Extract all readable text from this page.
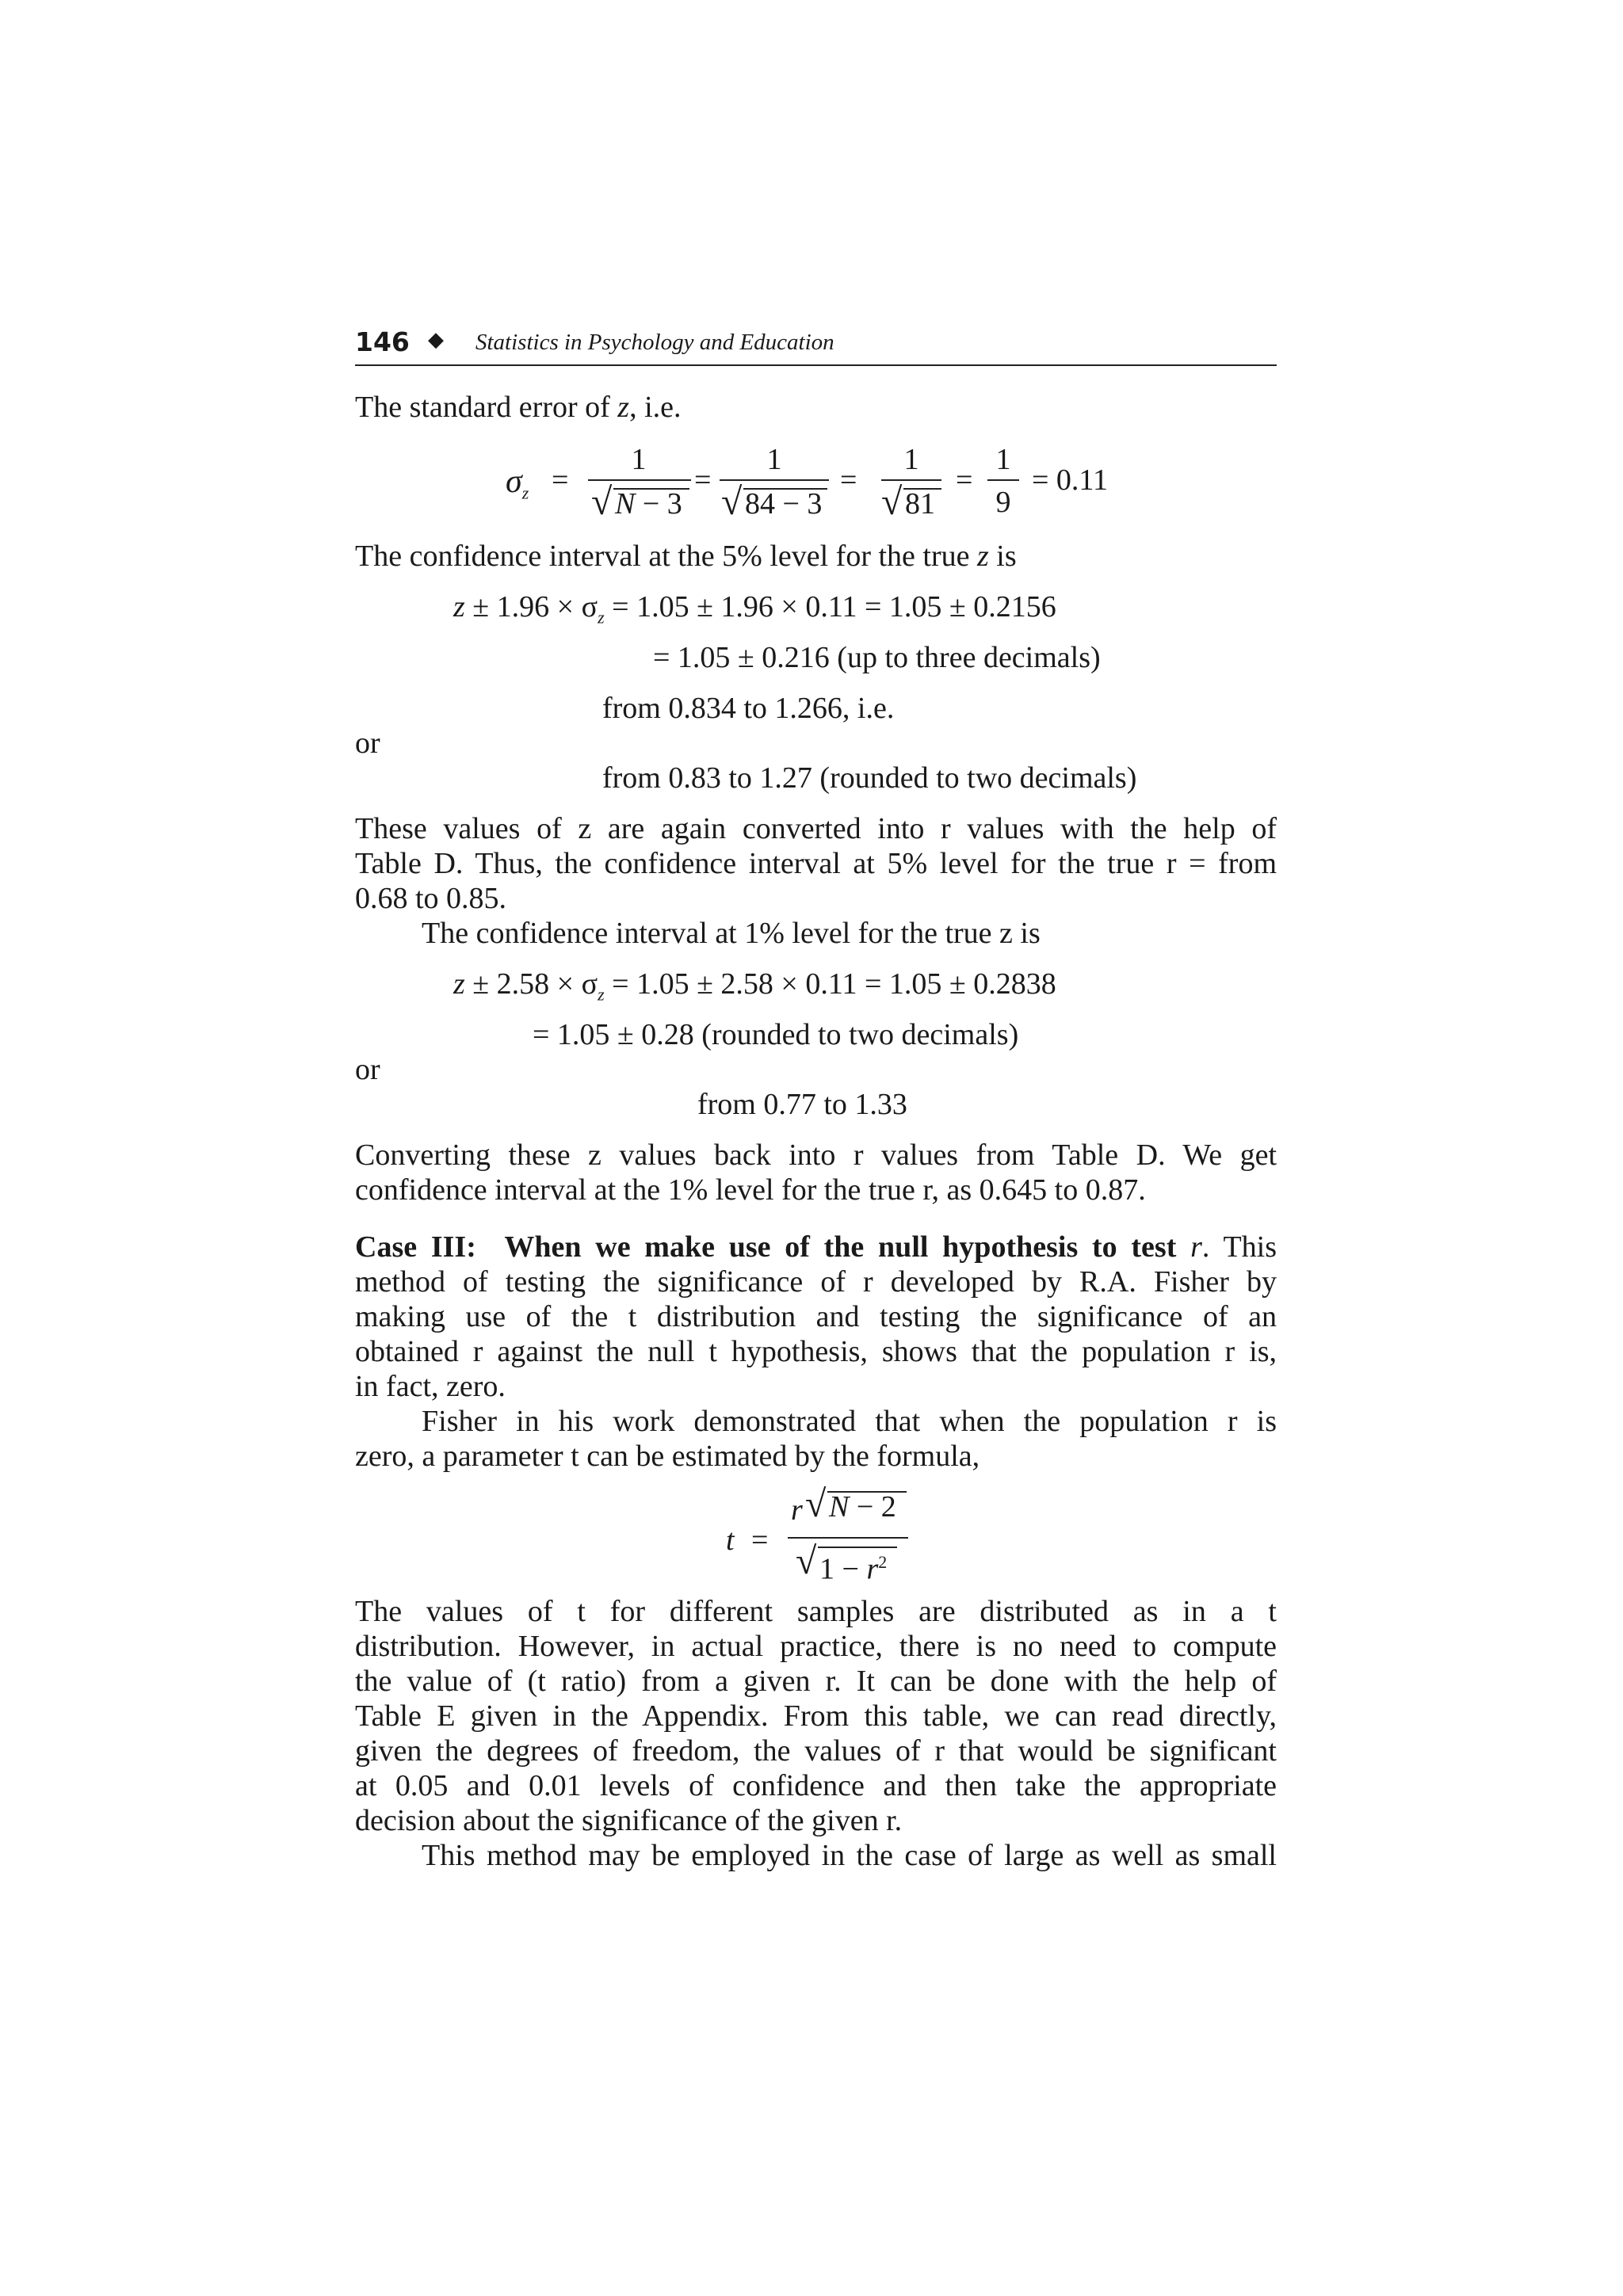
146 ◆ Statistics in Psychology and Education
The standard error of z, i.e.
$\sigma_z$ =
1
√ N − 3
=
1
√ 84 − 3
=
1
√ 81
=
1
9
= 0.11
The confidence interval at the 5% level for the true z is
$z \pm 1.96 \times \sigma_z = 1.05 \pm 1.96 \times 0.11 = 1.05 \pm 0.2156$
= 1.05 ± 0.216 (up to three decimals)
from 0.834 to 1.266, i.e.
or
from 0.83 to 1.27 (rounded to two decimals)
These values of z are again converted into r values with the help of
Table D. Thus, the confidence interval at 5% level for the true r = from
0.68 to 0.85.
The confidence interval at 1% level for the true z is
$z \pm 2.58 \times \sigma_z = 1.05 \pm 2.58 \times 0.11 = 1.05 \pm 0.2838$
= 1.05 ± 0.28 (rounded to two decimals)
or
from 0.77 to 1.33
Converting these z values back into r values from Table D. We get
confidence interval at the 1% level for the true r, as 0.645 to 0.87.
Case III: When we make use of the null hypothesis to test r. This
method of testing the significance of r developed by R.A. Fisher by
making use of the t distribution and testing the significance of an
obtained r against the null t hypothesis, shows that the population r is,
in fact, zero.
Fisher in his work demonstrated that when the population r is
zero, a parameter t can be estimated by the formula,
t =
r √ N − 2
√ $1 - r^2$
The values of t for different samples are distributed as in a t
distribution. However, in actual practice, there is no need to compute
the value of (t ratio) from a given r. It can be done with the help of
Table E given in the Appendix. From this table, we can read directly,
given the degrees of freedom, the values of r that would be significant
at 0.05 and 0.01 levels of confidence and then take the appropriate
decision about the significance of the given r.
This method may be employed in the case of large as well as small
